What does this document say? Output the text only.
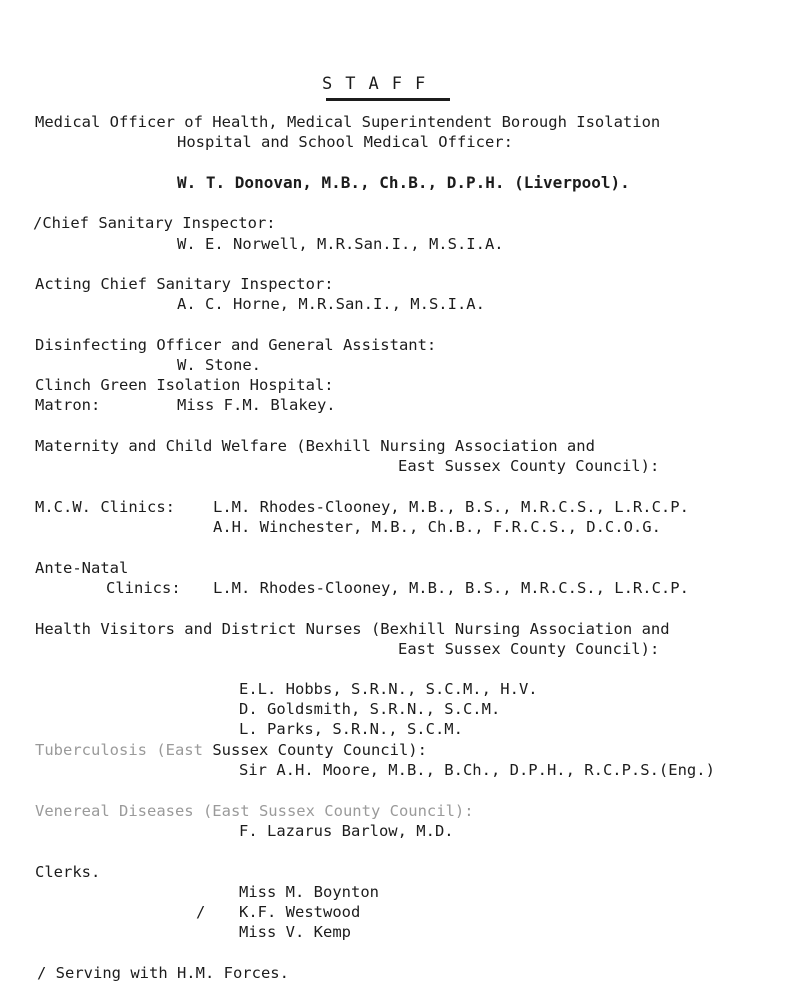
STAFF
Medical Officer of Health, Medical Superintendent Borough Isolation
Hospital and School Medical Officer:
W. T. Donovan, M.B., Ch.B., D.P.H. (Liverpool).
/Chief Sanitary Inspector:
W. E. Norwell, M.R.San.I., M.S.I.A.
Acting Chief Sanitary Inspector:
A. C. Horne, M.R.San.I., M.S.I.A.
Disinfecting Officer and General Assistant:
W. Stone.
Clinch Green Isolation Hospital:
Matron:	Miss F.M. Blakey.
Maternity and Child Welfare (Bexhill Nursing Association and
East Sussex County Council):
M.C.W. Clinics: L.M. Rhodes-Clooney, M.B., B.S., M.R.C.S., L.R.C.P.
A.H. Winchester, M.B., Ch.B., F.R.C.S., D.C.O.G.
Ante-Natal
Clinics: L.M. Rhodes-Clooney, M.B., B.S., M.R.C.S., L.R.C.P.
Health Visitors and District Nurses (Bexhill Nursing Association and
East Sussex County Council):
E.L. Hobbs, S.R.N., S.C.M., H.V.
D. Goldsmith, S.R.N., S.C.M.
L. Parks, S.R.N., S.C.M.
Tuberculosis (East Sussex County Council):
Sir A.H. Moore, M.B., B.Ch., D.P.H., R.C.P.S.(Eng.)
Venereal Diseases (East Sussex County Council):
F. Lazarus Barlow, M.D.
Clerks.
Miss M. Boynton
/ K.F. Westwood
Miss V. Kemp
/ Serving with H.M. Forces.
